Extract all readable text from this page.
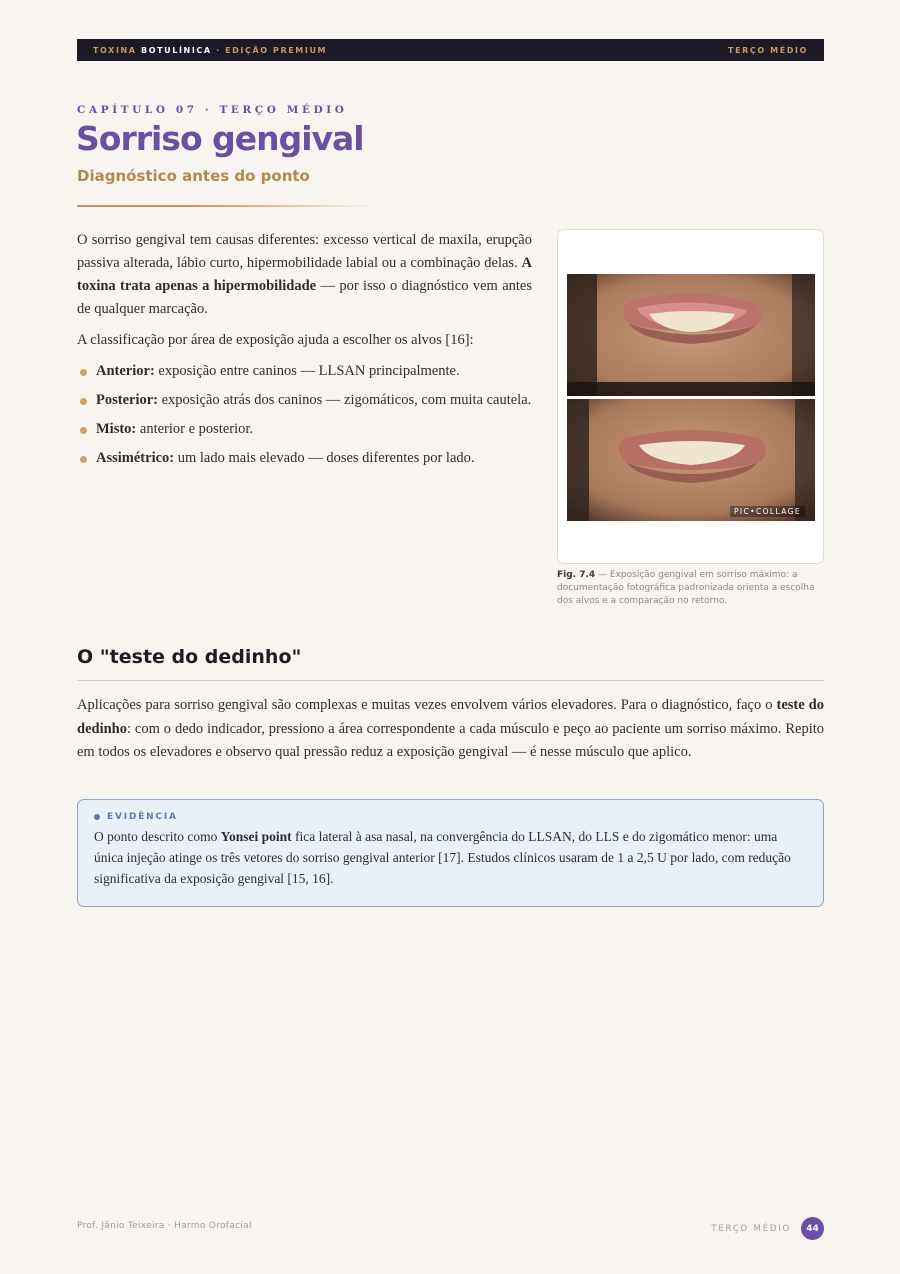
TOXINA BOTULÍNICA · EDIÇÃO PREMIUM	TERÇO MÉDIO
CAPÍTULO 07 · TERÇO MÉDIO
Sorriso gengival
Diagnóstico antes do ponto

O sorriso gengival tem causas diferentes: excesso vertical de maxila, erupção passiva alterada, lábio curto, hipermobilidade labial ou a combinação delas. A toxina trata apenas a hipermobilidade — por isso o diagnóstico vem antes de qualquer marcação.

A classificação por área de exposição ajuda a escolher os alvos [16]:

Anterior: exposição entre caninos — LLSAN principalmente.
Posterior: exposição atrás dos caninos — zigomáticos, com muita cautela.
Misto: anterior e posterior.
Assimétrico: um lado mais elevado — doses diferentes por lado.
PIC•COLLAGE
Fig. 7.4 — Exposição gengival em sorriso máximo: a documentação fotográfica padronizada orienta a escolha dos alvos e a comparação no retorno.
O "teste do dedinho"
Aplicações para sorriso gengival são complexas e muitas vezes envolvem vários elevadores. Para o diagnóstico, faço o teste do dedinho: com o dedo indicador, pressiono a área correspondente a cada músculo e peço ao paciente um sorriso máximo. Repito em todos os elevadores e observo qual pressão reduz a exposição gengival — é nesse músculo que aplico.
EVIDÊNCIA
O ponto descrito como Yonsei point fica lateral à asa nasal, na convergência do LLSAN, do LLS e do zigomático menor: uma única injeção atinge os três vetores do sorriso gengival anterior [17]. Estudos clínicos usaram de 1 a 2,5 U por lado, com redução significativa da exposição gengival [15, 16].
Prof. Jânio Teixeira · Harmo Orofacial	TERÇO MÉDIO	44
